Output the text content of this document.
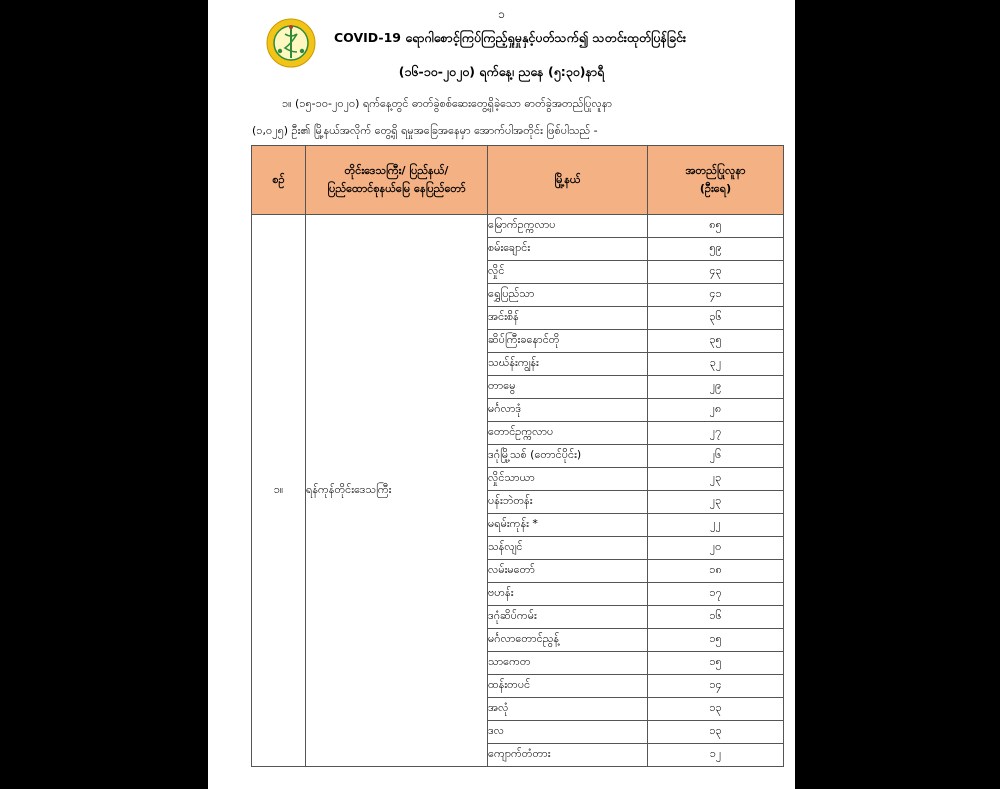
၁
COVID-19 ရောဂါစောင့်ကြပ်ကြည့်ရှုမှုနှင့်ပတ်သက်၍ သတင်းထုတ်ပြန်ခြင်း
(၁၆-၁၀-၂၀၂၀) ရက်နေ့၊ ညနေ (၅:၃၀)နာရီ
၁။ (၁၅-၁၀-၂၀၂၀) ရက်နေ့တွင် ဓာတ်ခွဲစစ်ဆေးတွေ့ရှိခဲ့သော ဓာတ်ခွဲအတည်ပြုလူနာ
(၁,၀၂၅) ဦး၏ မြို့နယ်အလိုက် တွေ့ရှိ ရမှုအခြေအနေမှာ အောက်ပါအတိုင်း ဖြစ်ပါသည် -
စဉ်	တိုင်းဒေသကြီး/ ပြည်နယ်/ ပြည်ထောင်စုနယ်မြေ နေပြည်တော်	မြို့နယ်	အတည်ပြုလူနာ (ဦးရေ)
၁။	ရန်ကုန်တိုင်းဒေသကြီး	မြောက်ဥက္ကလာပ	၈၅
		စမ်းချောင်း	၅၉
		လှိုင်	၄၃
		ရွှေပြည်သာ	၄၁
		အင်းစိန်	၃၆
		ဆိပ်ကြီးခနောင်တို	၃၅
		သဃ်န်းကျွန်း	၃၂
		တာမွေ	၂၉
		မင်္ဂလာဒုံ	၂၈
		တောင်ဥက္ကလာပ	၂၇
		ဒဂုံမြို့သစ် (တောင်ပိုင်း)	၂၆
		လှိုင်သာယာ	၂၃
		ပန်းဘဲတန်း	၂၃
		မရမ်းကုန်း *	၂၂
		သန်လျင်	၂၀
		လမ်းမတော်	၁၈
		ဗဟန်း	၁၇
		ဒဂုံဆိပ်ကမ်း	၁၆
		မင်္ဂလာတောင်ညွန့်	၁၅
		သာကေတ	၁၅
		ထန်းတပင်	၁၄
		အလုံ	၁၃
		ဒလ	၁၃
		ကျောက်တံတား	၁၂
